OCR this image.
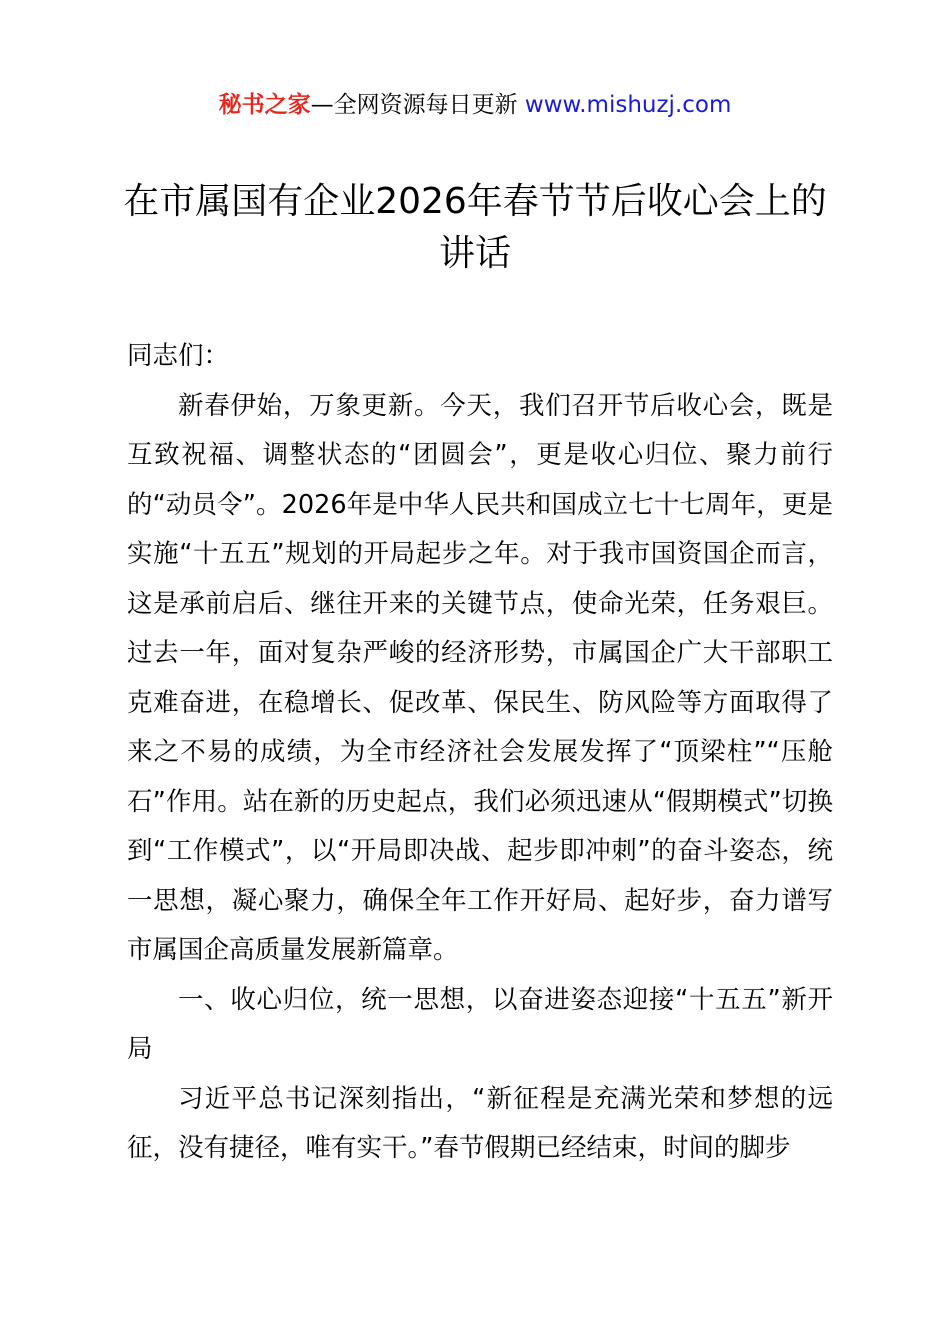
秘书之家—全网资源每日更新 www.mishuzj.com
在市属国有企业2026年春节节后收心会上的讲话

同志们：

新春伊始，万象更新。今天，我们召开节后收心会，既是互致祝福、调整状态的“团圆会”，更是收心归位、聚力前行的“动员令”。2026年是中华人民共和国成立七十七周年，更是实施“十五五”规划的开局起步之年。对于我市国资国企而言，这是承前启后、继往开来的关键节点，使命光荣，任务艰巨。过去一年，面对复杂严峻的经济形势，市属国企广大干部职工克难奋进，在稳增长、促改革、保民生、防风险等方面取得了来之不易的成绩，为全市经济社会发展发挥了“顶梁柱”“压舱石”作用。站在新的历史起点，我们必须迅速从“假期模式”切换到“工作模式”，以“开局即决战、起步即冲刺”的奋斗姿态，统一思想，凝心聚力，确保全年工作开好局、起好步，奋力谱写市属国企高质量发展新篇章。

一、收心归位，统一思想，以奋进姿态迎接“十五五”新开局

习近平总书记深刻指出，“新征程是充满光荣和梦想的远征，没有捷径，唯有实干。”春节假期已经结束，时间的脚步
